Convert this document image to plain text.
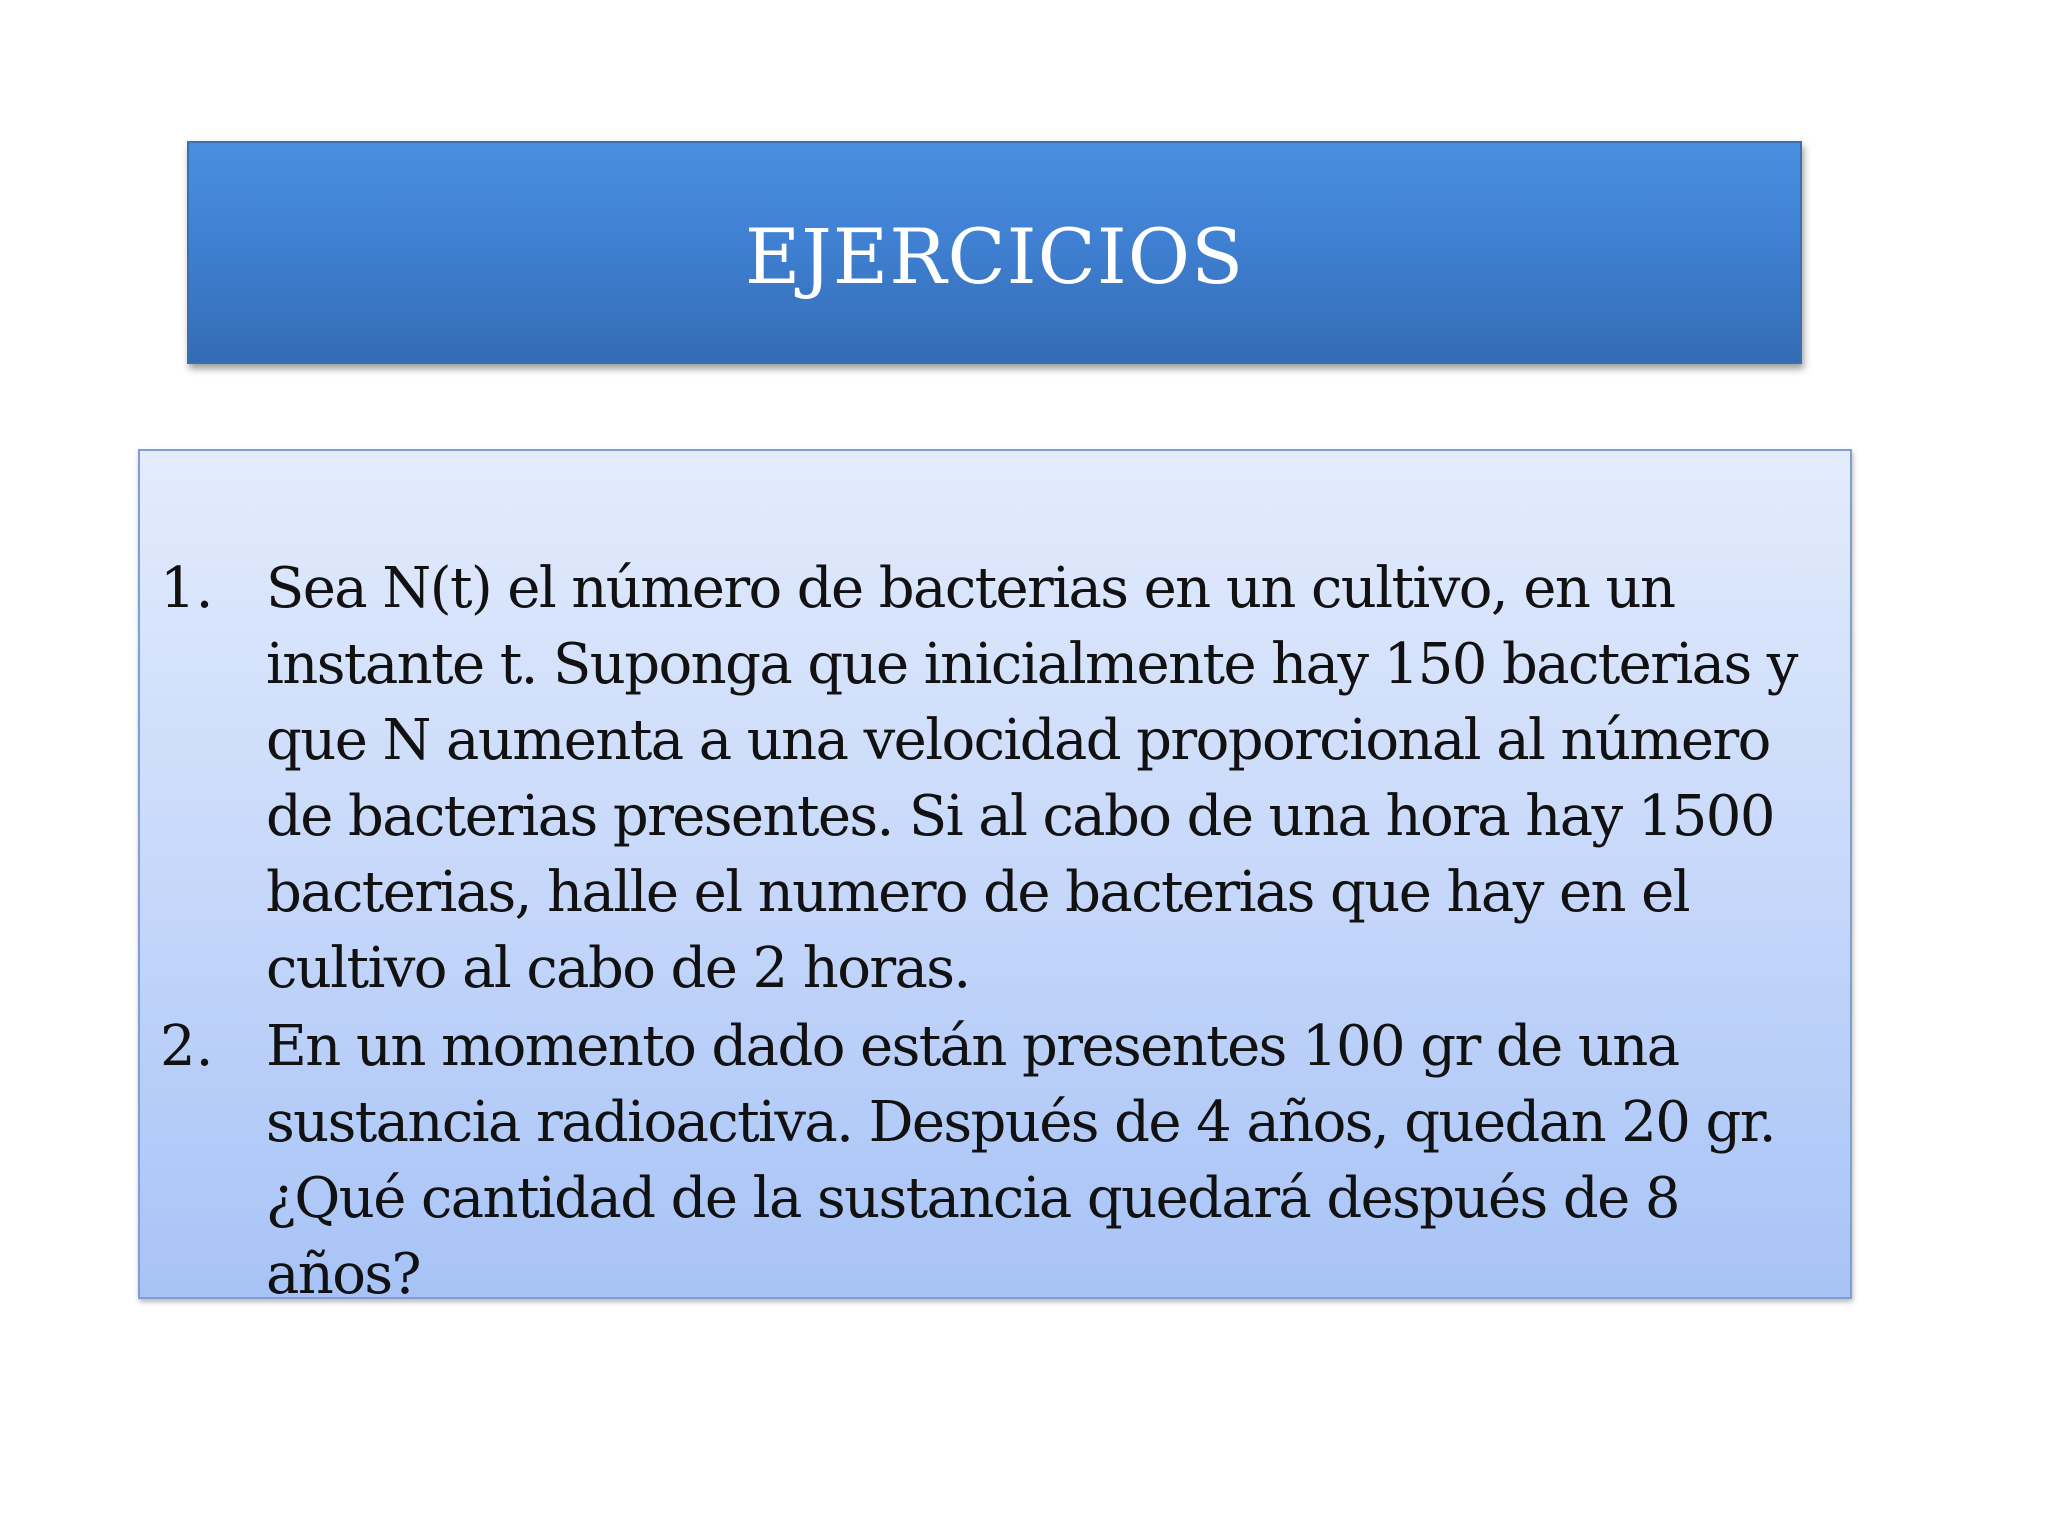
EJERCICIOS
1. Sea N(t) el número de bacterias en un cultivo, en un instante t. Suponga que inicialmente hay 150 bacterias y que N aumenta a una velocidad proporcional al número de bacterias presentes. Si al cabo de una hora hay 1500 bacterias, halle el numero de bacterias que hay en el cultivo al cabo de 2 horas.
2. En un momento dado están presentes 100 gr de una sustancia radioactiva. Después de 4 años, quedan 20 gr. ¿Qué cantidad de la sustancia quedará después de 8 años?
